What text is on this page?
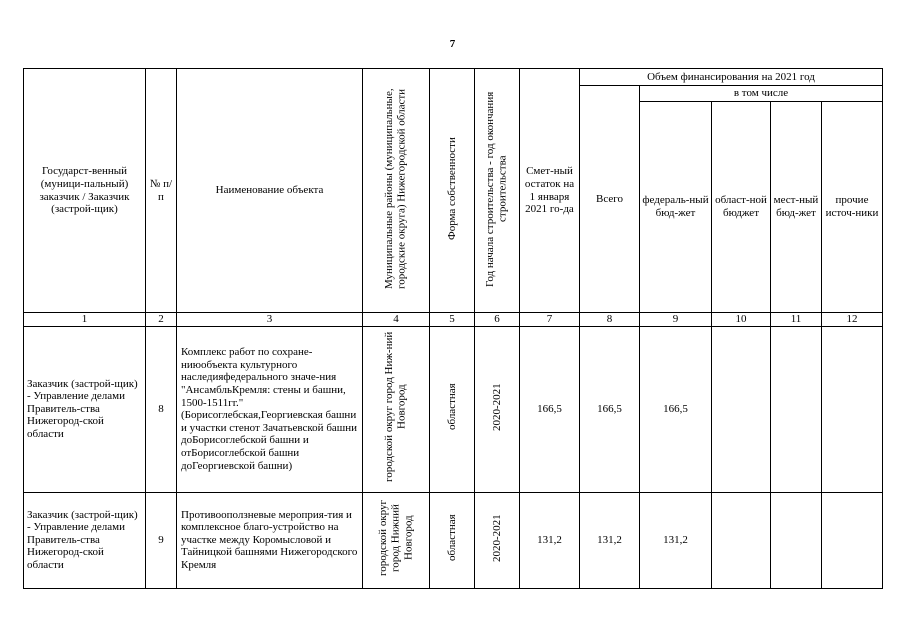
7
Государст-венный (муници-пальный) заказчик / Заказчик (застрой-щик)	№ п/п	Наименование объекта	Муниципальные районы (муниципальные, городские округа) Нижегородской области	Форма собственности	Год начала строительства - год окончания строительства	Смет-ный остаток на 1 января 2021 го-да	Объем финансирования на 2021 год				
							Всего	в том числе			
								федераль-ный бюд-жет	област-ной бюджет	мест-ный бюд-жет	прочие источ-ники
1	2	3	4	5	6	7	8	9	10	11	12
Заказчик (застрой-щик) - Управление делами Правитель-ства Нижегород-ской области	8	Комплекс работ по сохране-ниюобъекта культурного наследияфедерального значе-ния "АнсамбльКремля: стены и башни, 1500-1511гг."(Борисоглебская,Георгиевская башни и участки стенот Зачатьевской башни доБорисоглебской башни и отБорисоглебской башни доГеоргиевской башни)	городской округ город Ниж-ний Новгород	областная	2020-2021	166,5	166,5	166,5			
Заказчик (застрой-щик) - Управление делами Правитель-ства Нижегород-ской области	9	Противооползневые мероприя-тия и комплексное благо-устройство на участке между Коромысловой и Тайницкой башнями Нижегородского Кремля	городской округ город Нижний Новгород	областная	2020-2021	131,2	131,2	131,2			
